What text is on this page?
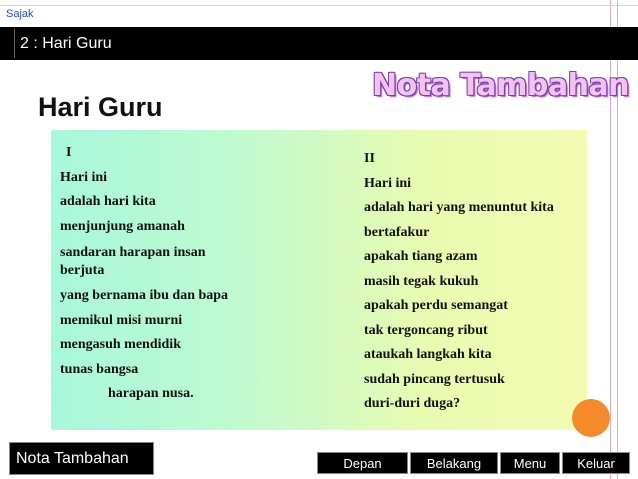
Sajak
2 : Hari Guru
Nota Tambahan
Hari Guru
I
Hari ini
adalah hari kita
menjunjung amanah
sandaran harapan insan
berjuta
yang bernama ibu dan bapa
memikul misi murni
mengasuh mendidik
tunas bangsa
harapan nusa.
II
Hari ini
adalah hari yang menuntut kita
bertafakur
apakah tiang azam
masih tegak kukuh
apakah perdu semangat
tak tergoncang ribut
ataukah langkah kita
sudah pincang tertusuk
duri-duri duga?
Nota Tambahan	Depan	Belakang	Menu	Keluar
